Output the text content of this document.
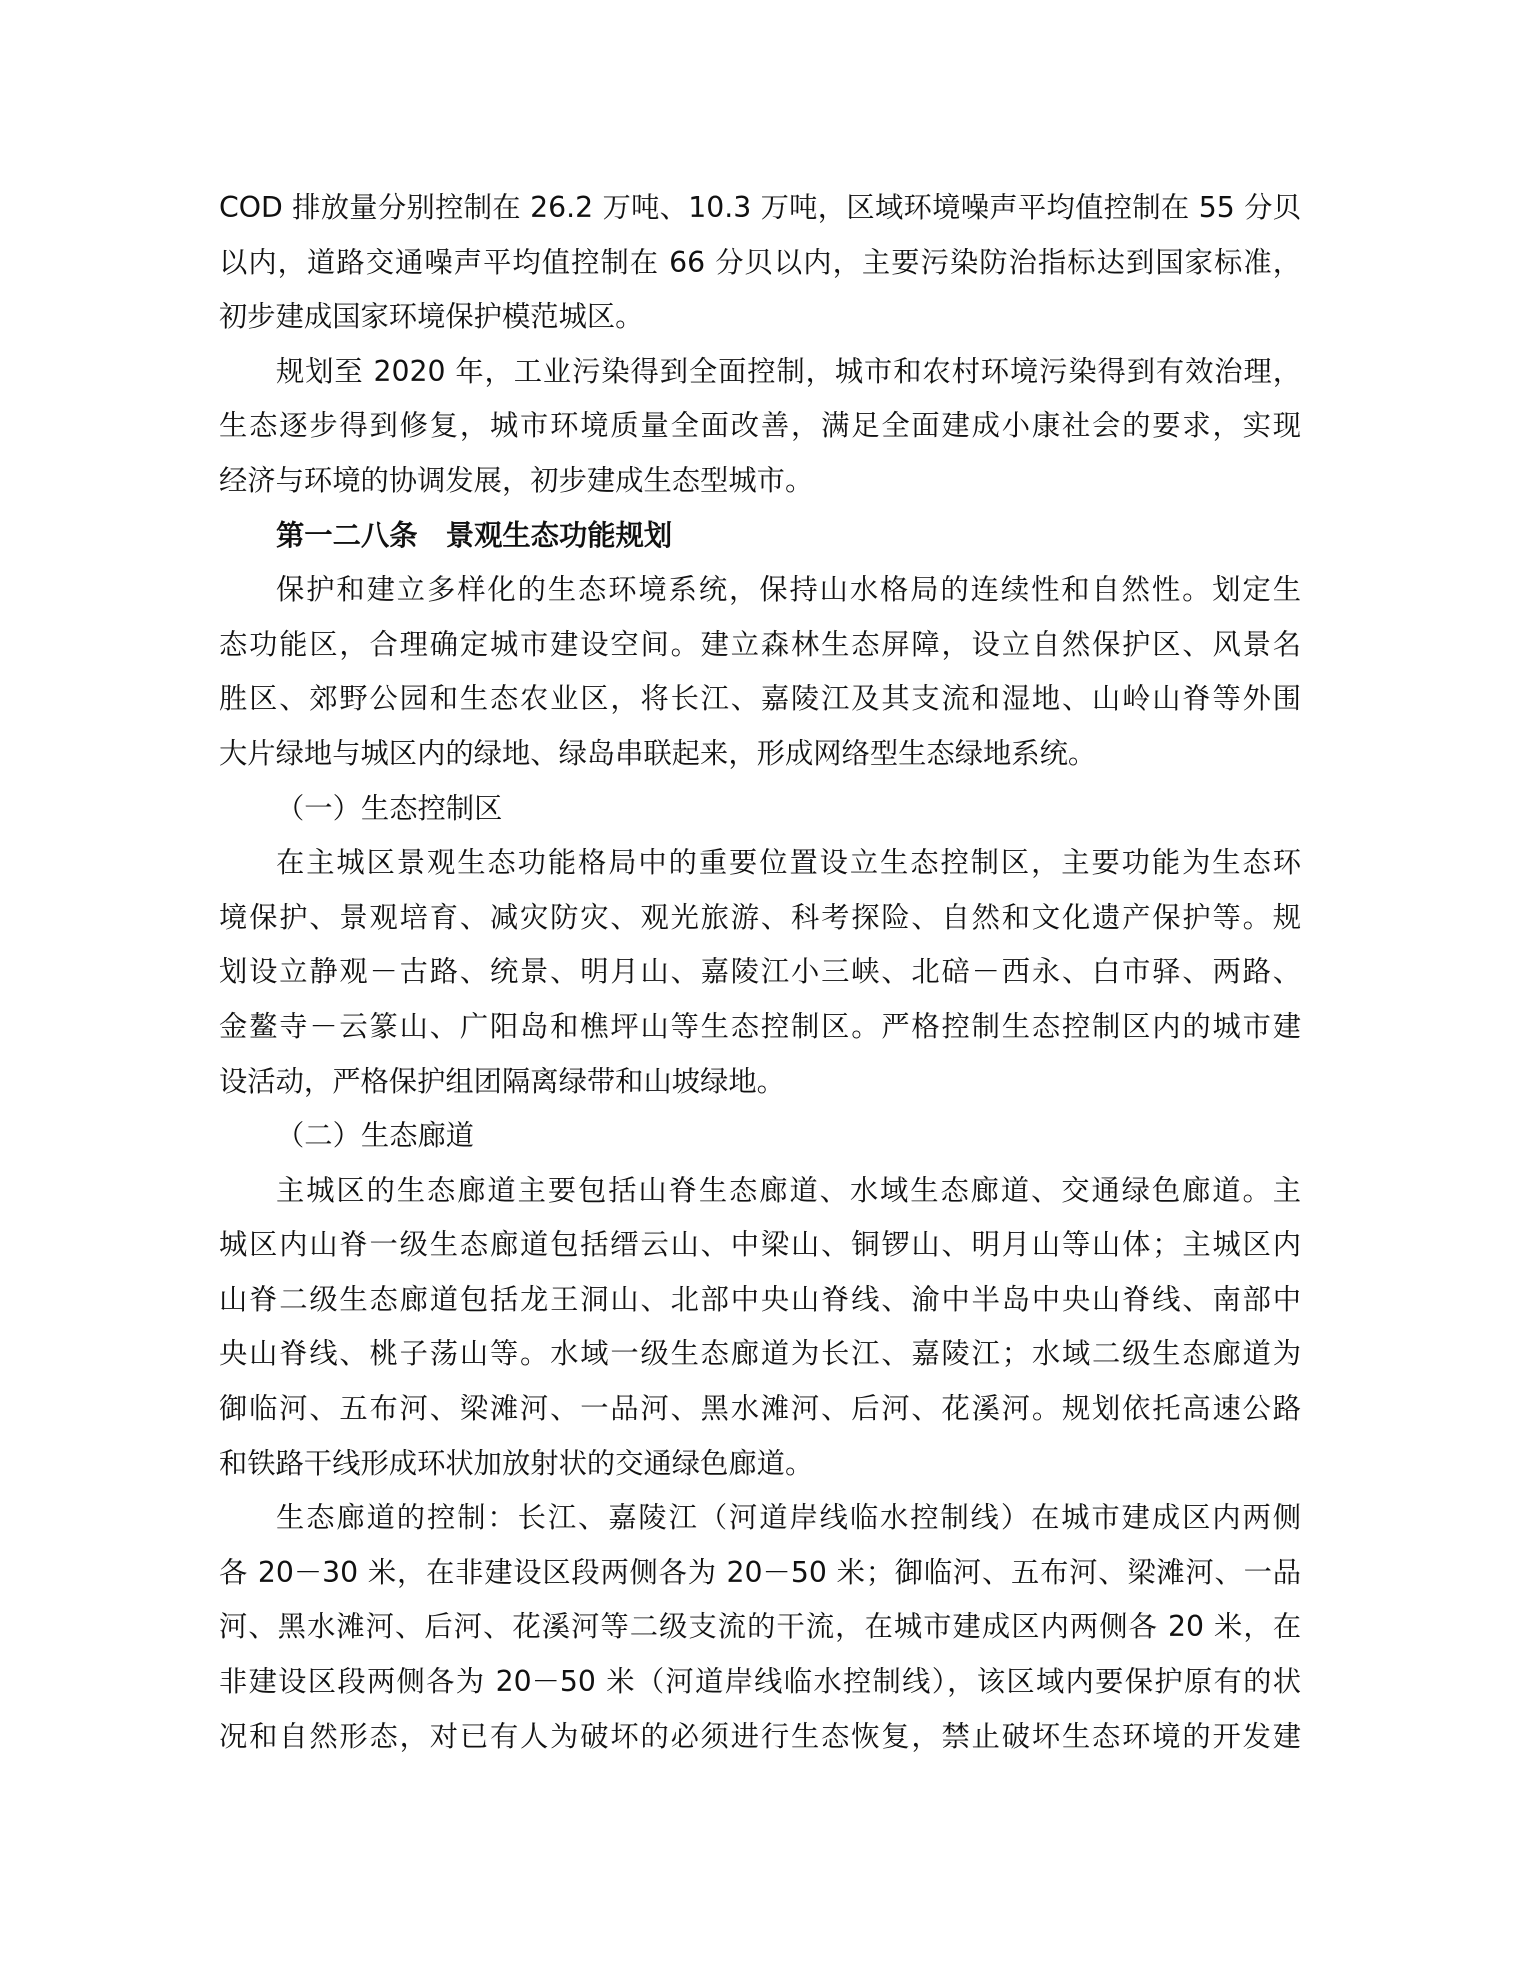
COD 排放量分别控制在 26.2 万吨、10.3 万吨，区域环境噪声平均值控制在 55 分贝
以内，道路交通噪声平均值控制在 66 分贝以内，主要污染防治指标达到国家标准，
初步建成国家环境保护模范城区。
规划至 2020 年，工业污染得到全面控制，城市和农村环境污染得到有效治理，
生态逐步得到修复，城市环境质量全面改善，满足全面建成小康社会的要求，实现
经济与环境的协调发展，初步建成生态型城市。
第一二八条　景观生态功能规划
保护和建立多样化的生态环境系统，保持山水格局的连续性和自然性。划定生
态功能区，合理确定城市建设空间。建立森林生态屏障，设立自然保护区、风景名
胜区、郊野公园和生态农业区，将长江、嘉陵江及其支流和湿地、山岭山脊等外围
大片绿地与城区内的绿地、绿岛串联起来，形成网络型生态绿地系统。
（一）生态控制区
在主城区景观生态功能格局中的重要位置设立生态控制区，主要功能为生态环
境保护、景观培育、减灾防灾、观光旅游、科考探险、自然和文化遗产保护等。规
划设立静观－古路、统景、明月山、嘉陵江小三峡、北碚－西永、白市驿、两路、
金鳌寺－云篆山、广阳岛和樵坪山等生态控制区。严格控制生态控制区内的城市建
设活动，严格保护组团隔离绿带和山坡绿地。
（二）生态廊道
主城区的生态廊道主要包括山脊生态廊道、水域生态廊道、交通绿色廊道。主
城区内山脊一级生态廊道包括缙云山、中梁山、铜锣山、明月山等山体；主城区内
山脊二级生态廊道包括龙王洞山、北部中央山脊线、渝中半岛中央山脊线、南部中
央山脊线、桃子荡山等。水域一级生态廊道为长江、嘉陵江；水域二级生态廊道为
御临河、五布河、梁滩河、一品河、黑水滩河、后河、花溪河。规划依托高速公路
和铁路干线形成环状加放射状的交通绿色廊道。
生态廊道的控制：长江、嘉陵江（河道岸线临水控制线）在城市建成区内两侧
各 20－30 米，在非建设区段两侧各为 20－50 米；御临河、五布河、梁滩河、一品
河、黑水滩河、后河、花溪河等二级支流的干流，在城市建成区内两侧各 20 米，在
非建设区段两侧各为 20－50 米（河道岸线临水控制线），该区域内要保护原有的状
况和自然形态，对已有人为破坏的必须进行生态恢复，禁止破坏生态环境的开发建
